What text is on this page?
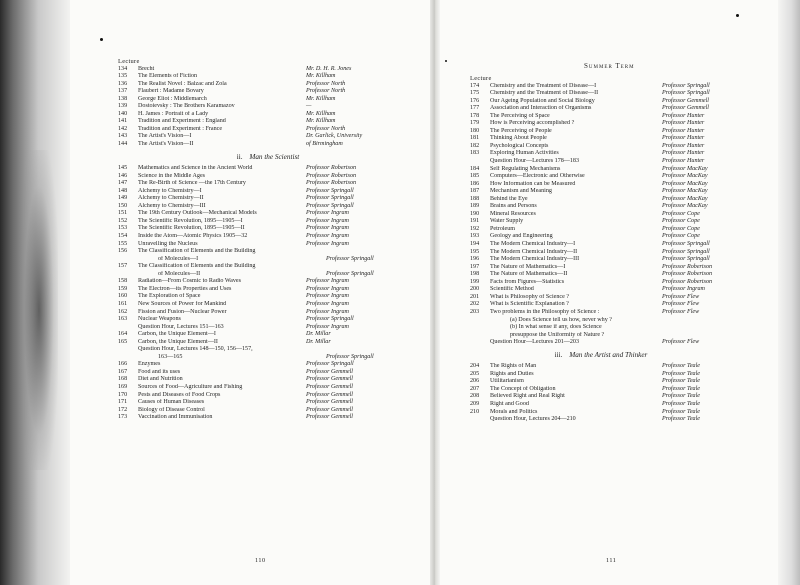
Lecture
134	Brecht	Mr. D. H. R. Jones
135	The Elements of Fiction	Mr. Killham
136	The Realist Novel : Balzac and Zola	Professor North
137	Flaubert : Madame Bovary	Professor North
138	George Eliot : Middlemarch	Mr. Killham
139	Dostoievsky : The Brothers Karamazov	—
140	H. James : Portrait of a Lady	Mr. Killham
141	Tradition and Experiment : England	Mr. Killham
142	Tradition and Experiment : France	Professor North
143	The Artist's Vision—I	Dr. Garlick, University
144	The Artist's Vision—II	of Birmingham
ii. Man the Scientist
145	Mathematics and Science in the Ancient World	Professor Robertson
146	Science in the Middle Ages	Professor Robertson
147	The Re-Birth of Science —the 17th Century	Professor Robertson
148	Alchemy to Chemistry—I	Professor Springall
149	Alchemy to Chemistry—II	Professor Springall
150	Alchemy to Chemistry—III	Professor Springall
151	The 19th Century Outlook—Mechanical Models	Professor Ingram
152	The Scientific Revolution, 1895—1905—I	Professor Ingram
153	The Scientific Revolution, 1895—1905—II	Professor Ingram
154	Inside the Atom—Atomic Physics 1905—32	Professor Ingram
155	Unravelling the Nucleus	Professor Ingram
156	The Classification of Elements and the Building
of Molecules—I	Professor Springall
157	The Classification of Elements and the Building
of Molecules—II	Professor Springall
158	Radiation—From Cosmic to Radio Waves	Professor Ingram
159	The Electron—its Properties and Uses	Professor Ingram
160	The Exploration of Space	Professor Ingram
161	New Sources of Power for Mankind	Professor Ingram
162	Fission and Fusion—Nuclear Power	Professor Ingram
163	Nuclear Weapons	Professor Springall
Question Hour, Lectures 151—163	Professor Ingram
164	Carbon, the Unique Element—I	Dr. Millar
165	Carbon, the Unique Element—II	Dr. Millar
Question Hour, Lectures 148—150, 156—157,
163—165	Professor Springall
166	Enzymes	Professor Springall
167	Food and its uses	Professor Gemmell
168	Diet and Nutrition	Professor Gemmell
169	Sources of Food—Agriculture and Fishing	Professor Gemmell
170	Pests and Diseases of Food Crops	Professor Gemmell
171	Causes of Human Diseases	Professor Gemmell
172	Biology of Disease Control	Professor Gemmell
173	Vaccination and Immunisation	Professor Gemmell
110
Summer Term
Lecture
174	Chemistry and the Treatment of Disease—I	Professor Springall
175	Chemistry and the Treatment of Disease—II	Professor Springall
176	Our Ageing Population and Social Biology	Professor Gemmell
177	Association and Interaction of Organisms	Professor Gemmell
178	The Perceiving of Space	Professor Hunter
179	How is Perceiving accomplished ?	Professor Hunter
180	The Perceiving of People	Professor Hunter
181	Thinking About People	Professor Hunter
182	Psychological Concepts	Professor Hunter
183	Exploring Human Activities	Professor Hunter
Question Hour—Lectures 178—183	Professor Hunter
184	Self Regulating Mechanisms	Professor MacKay
185	Computers—Electronic and Otherwise	Professor MacKay
186	How Information can be Measured	Professor MacKay
187	Mechanism and Meaning	Professor MacKay
188	Behind the Eye	Professor MacKay
189	Brains and Persons	Professor MacKay
190	Mineral Resources	Professor Cope
191	Water Supply	Professor Cope
192	Petroleum	Professor Cope
193	Geology and Engineering	Professor Cope
194	The Modern Chemical Industry—I	Professor Springall
195	The Modern Chemical Industry—II	Professor Springall
196	The Modern Chemical Industry—III	Professor Springall
197	The Nature of Mathematics—I	Professor Robertson
198	The Nature of Mathematics—II	Professor Robertson
199	Facts from Figures—Statistics	Professor Robertson
200	Scientific Method	Professor Ingram
201	What is Philosophy of Science ?	Professor Flew
202	What is Scientific Explanation ?	Professor Flew
203	Two problems in the Philosophy of Science :	Professor Flew
(a) Does Science tell us how, never why ?
(b) In what sense if any, does Science
presuppose the Uniformity of Nature ?
Question Hour—Lectures 201—203	Professor Flew
iii. Man the Artist and Thinker
204	The Rights of Man	Professor Teale
205	Rights and Duties	Professor Teale
206	Utilitarianism	Professor Teale
207	The Concept of Obligation	Professor Teale
208	Believed Right and Real Right	Professor Teale
209	Right and Good	Professor Teale
210	Morals and Politics	Professor Teale
Question Hour, Lectures 204—210	Professor Teale
111
